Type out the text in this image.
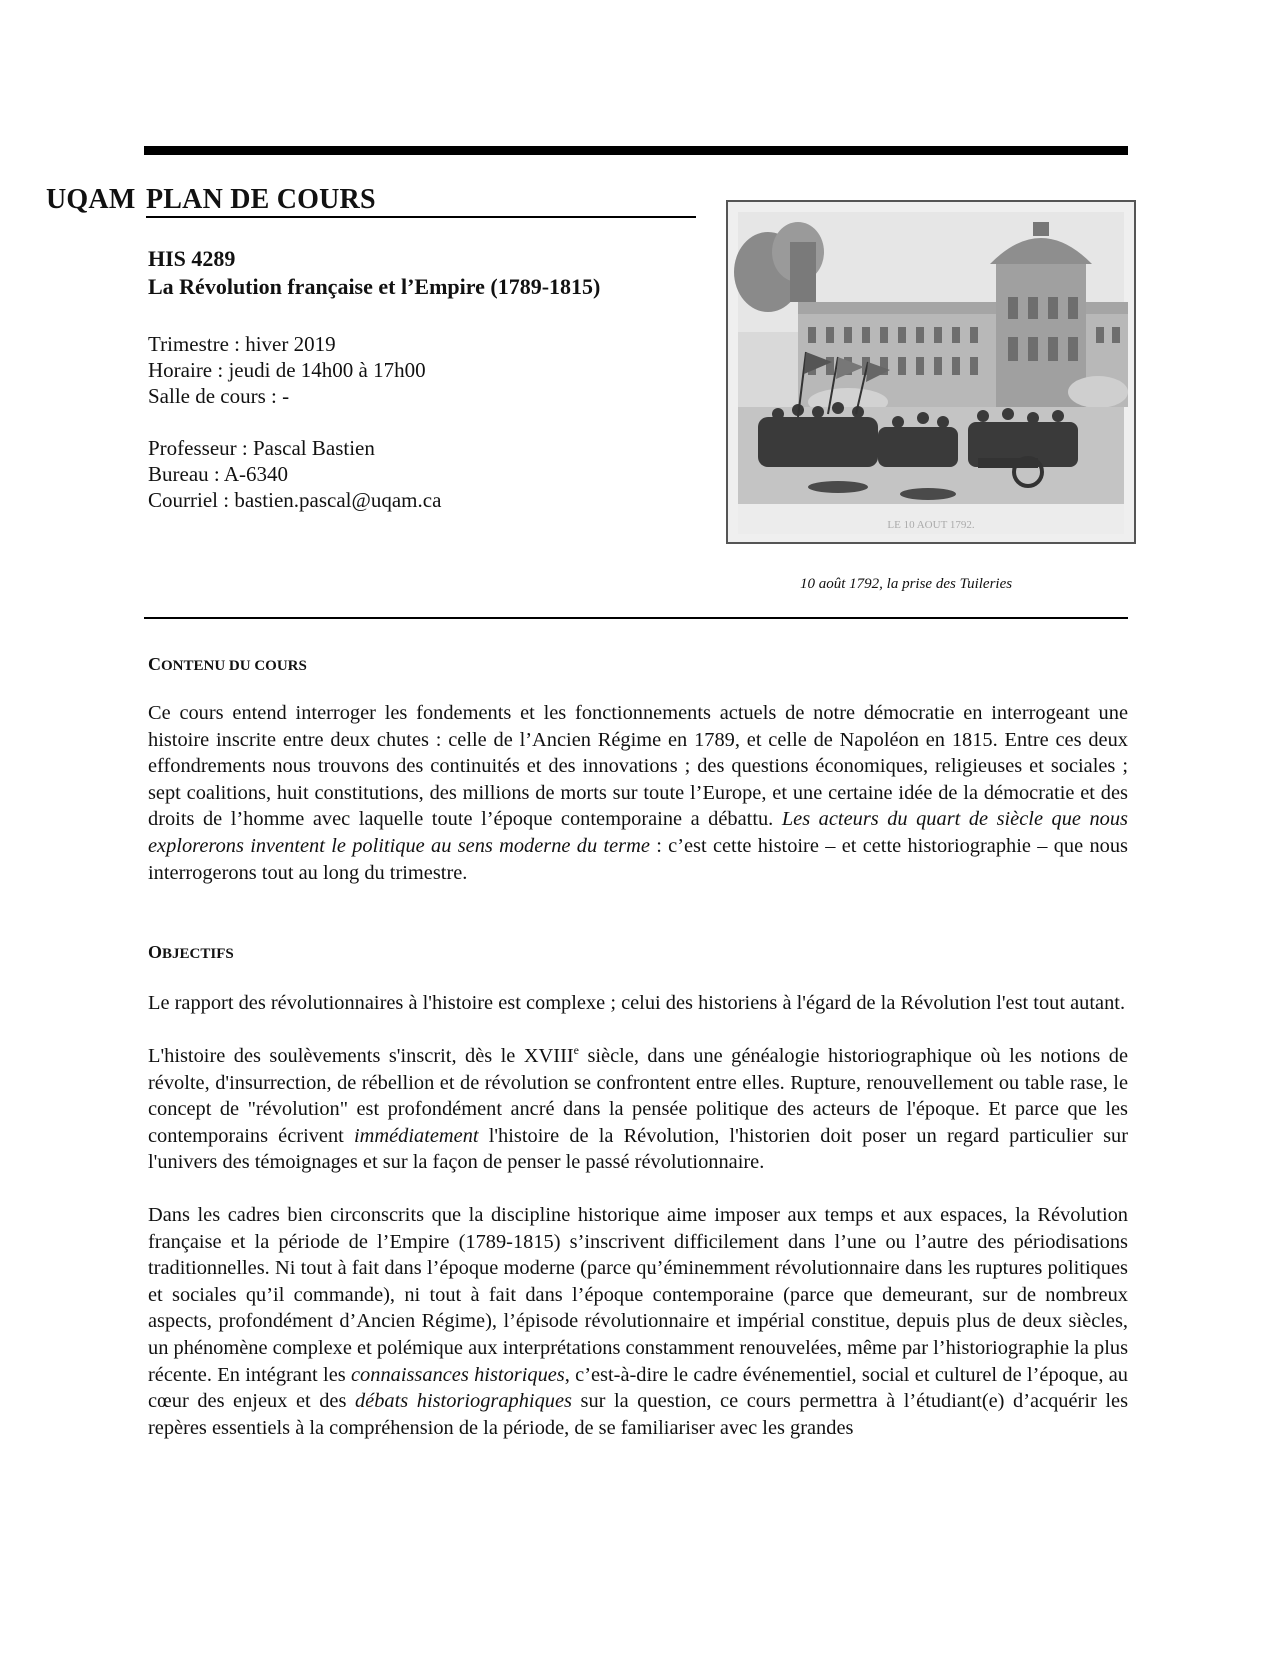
UQAM PLAN DE COURS
HIS 4289
La Révolution française et l’Empire (1789-1815)
Trimestre : hiver 2019
Horaire : jeudi de 14h00 à 17h00
Salle de cours : -
Professeur : Pascal Bastien
Bureau : A-6340
Courriel : bastien.pascal@uqam.ca
LE 10 AOUT 1792.
10 août 1792, la prise des Tuileries
CONTENU DU COURS

Ce cours entend interroger les fondements et les fonctionnements actuels de notre démocratie en interrogeant une histoire inscrite entre deux chutes : celle de l’Ancien Régime en 1789, et celle de Napoléon en 1815. Entre ces deux effondrements nous trouvons des continuités et des innovations ; des questions économiques, religieuses et sociales ; sept coalitions, huit constitutions, des millions de morts sur toute l’Europe, et une certaine idée de la démocratie et des droits de l’homme avec laquelle toute l’époque contemporaine a débattu. Les acteurs du quart de siècle que nous explorerons inventent le politique au sens moderne du terme : c’est cette histoire – et cette historiographie – que nous interrogerons tout au long du trimestre.

OBJECTIFS

Le rapport des révolutionnaires à l'histoire est complexe ; celui des historiens à l'égard de la Révolution l'est tout autant.

L'histoire des soulèvements s'inscrit, dès le XVIIIe siècle, dans une généalogie historiographique où les notions de révolte, d'insurrection, de rébellion et de révolution se confrontent entre elles. Rupture, renouvellement ou table rase, le concept de "révolution" est profondément ancré dans la pensée politique des acteurs de l'époque. Et parce que les contemporains écrivent immédiatement l'histoire de la Révolution, l'historien doit poser un regard particulier sur l'univers des témoignages et sur la façon de penser le passé révolutionnaire.

Dans les cadres bien circonscrits que la discipline historique aime imposer aux temps et aux espaces, la Révolution française et la période de l’Empire (1789-1815) s’inscrivent difficilement dans l’une ou l’autre des périodisations traditionnelles. Ni tout à fait dans l’époque moderne (parce qu’éminemment révolutionnaire dans les ruptures politiques et sociales qu’il commande), ni tout à fait dans l’époque contemporaine (parce que demeurant, sur de nombreux aspects, profondément d’Ancien Régime), l’épisode révolutionnaire et impérial constitue, depuis plus de deux siècles, un phénomène complexe et polémique aux interprétations constamment renouvelées, même par l’historiographie la plus récente. En intégrant les connaissances historiques, c’est-à-dire le cadre événementiel, social et culturel de l’époque, au cœur des enjeux et des débats historiographiques sur la question, ce cours permettra à l’étudiant(e) d’acquérir les repères essentiels à la compréhension de la période, de se familiariser avec les grandes
